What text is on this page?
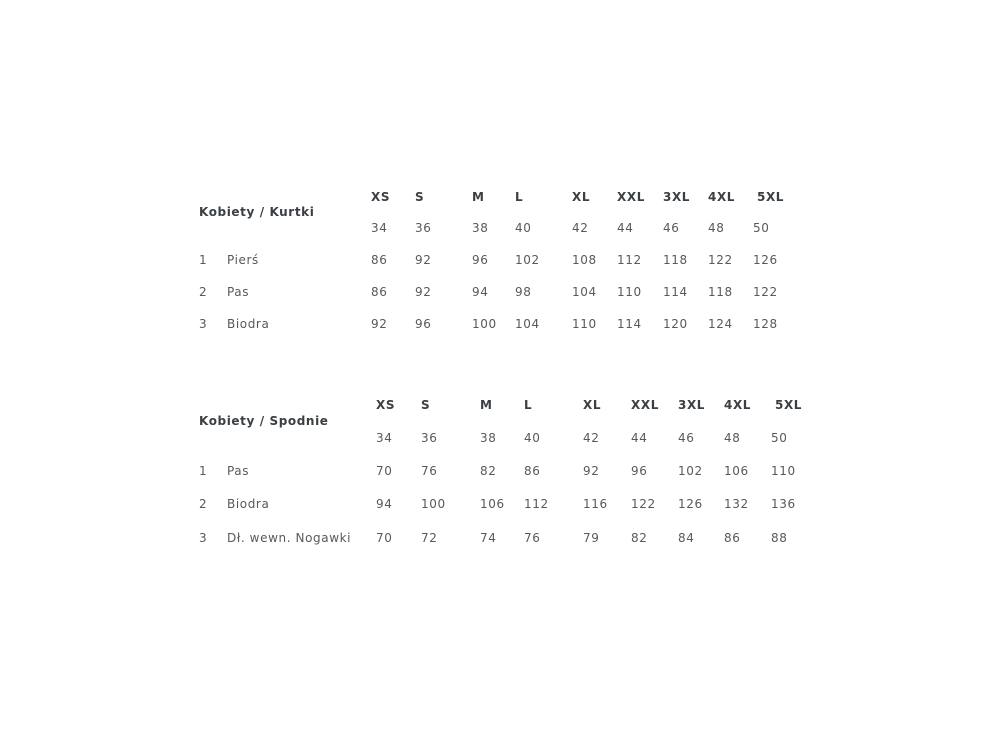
Kobiety / Kurtki
XS S	M	L	XL XXL 3XL 4XL 5XL
34 36	38 40	42 44 46 48 50
1 Pierś	86 92	96 102	108 112 118 122 126
2 Pas	86 92	94 98	104 110 114 118 122
3 Biodra	92 96	100 104	110 114 120 124 128
Kobiety / Spodnie
XS S	M	L	XL XXL 3XL 4XL 5XL
34 36	38 40	42	44	46 48	50
1 Pas	70 76	82 86	92	96	102 106 110
2 Biodra	94 100	106 112	116 122 126 132 136
3 Dł. wewn. Nogawki 70 72	74 76	79	82	84 86	88
